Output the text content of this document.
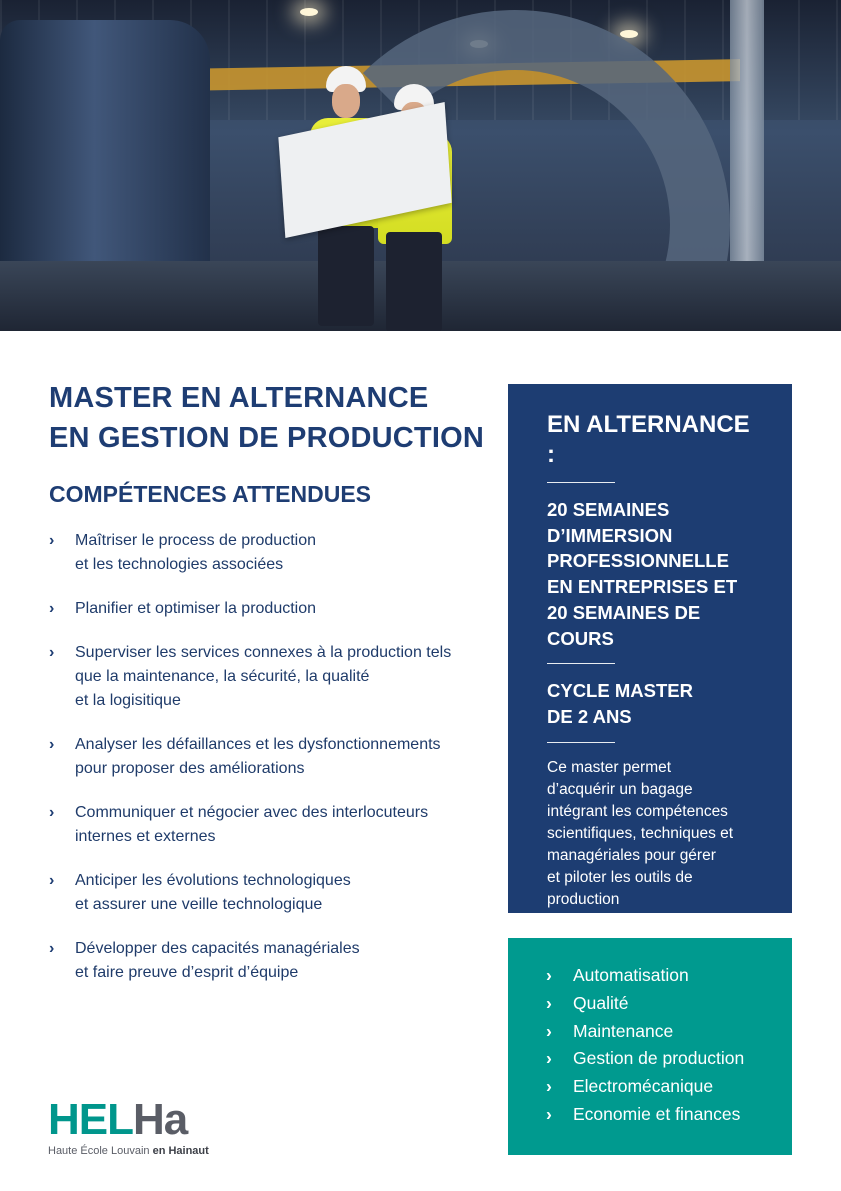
MASTER EN ALTERNANCE
EN GESTION DE PRODUCTION
COMPÉTENCES ATTENDUES
› Maîtriser le process de production
et les technologies associées
› Planifier et optimiser la production
› Superviser les services connexes à la production tels
que la maintenance, la sécurité, la qualité
et la logisitique
› Analyser les défaillances et les dysfonctionnements
pour proposer des améliorations
› Communiquer et négocier avec des interlocuteurs
internes et externes
› Anticiper les évolutions technologiques
et assurer une veille technologique
› Développer des capacités managériales
et faire preuve d’esprit d’équipe

EN ALTERNANCE :

20 SEMAINES
D’IMMERSION
PROFESSIONNELLE
EN ENTREPRISES ET
20 SEMAINES DE
COURS

CYCLE MASTER
DE 2 ANS

Ce master permet
d’acquérir un bagage
intégrant les compétences
scientifiques, techniques et
managériales pour gérer
et piloter les outils de
production

› Automatisation
› Qualité
› Maintenance
› Gestion de production
› Electromécanique
› Economie et finances
HELHa
Haute École Louvain en Hainaut
